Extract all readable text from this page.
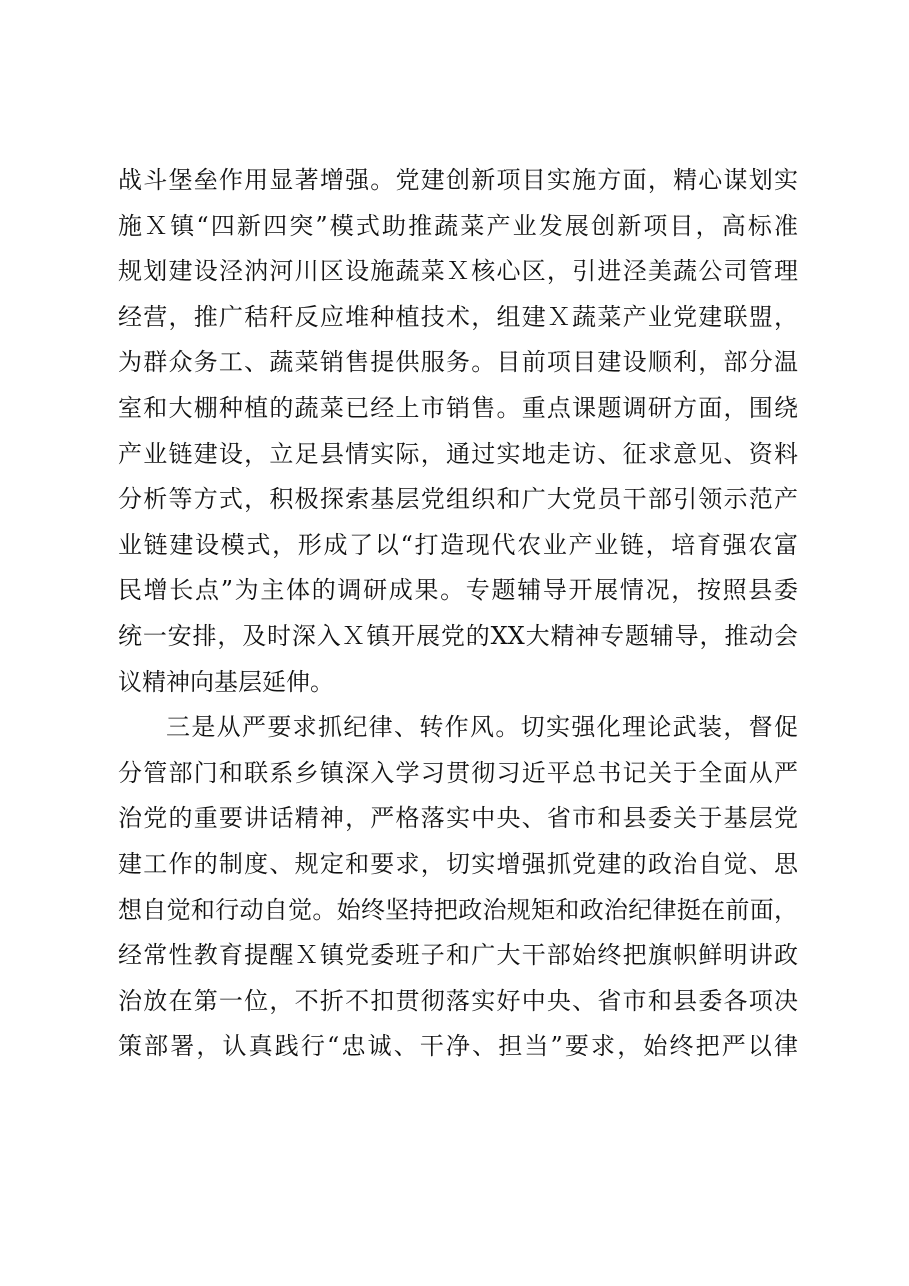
战斗堡垒作用显著增强。党建创新项目实施方面，精心谋划实
施Ｘ镇“四新四突”模式助推蔬菜产业发展创新项目，高标准
规划建设泾汭河川区设施蔬菜Ｘ核心区，引进泾美蔬公司管理
经营，推广秸秆反应堆种植技术，组建Ｘ蔬菜产业党建联盟，
为群众务工、蔬菜销售提供服务。目前项目建设顺利，部分温
室和大棚种植的蔬菜已经上市销售。重点课题调研方面，围绕
产业链建设，立足县情实际，通过实地走访、征求意见、资料
分析等方式，积极探索基层党组织和广大党员干部引领示范产
业链建设模式，形成了以“打造现代农业产业链，培育强农富
民增长点”为主体的调研成果。专题辅导开展情况，按照县委
统一安排，及时深入Ｘ镇开展党的XX大精神专题辅导，推动会
议精神向基层延伸。
三是从严要求抓纪律、转作风。切实强化理论武装，督促
分管部门和联系乡镇深入学习贯彻习近平总书记关于全面从严
治党的重要讲话精神，严格落实中央、省市和县委关于基层党
建工作的制度、规定和要求，切实增强抓党建的政治自觉、思
想自觉和行动自觉。始终坚持把政治规矩和政治纪律挺在前面，
经常性教育提醒Ｘ镇党委班子和广大干部始终把旗帜鲜明讲政
治放在第一位，不折不扣贯彻落实好中央、省市和县委各项决
策部署，认真践行“忠诚、干净、担当”要求，始终把严以律
